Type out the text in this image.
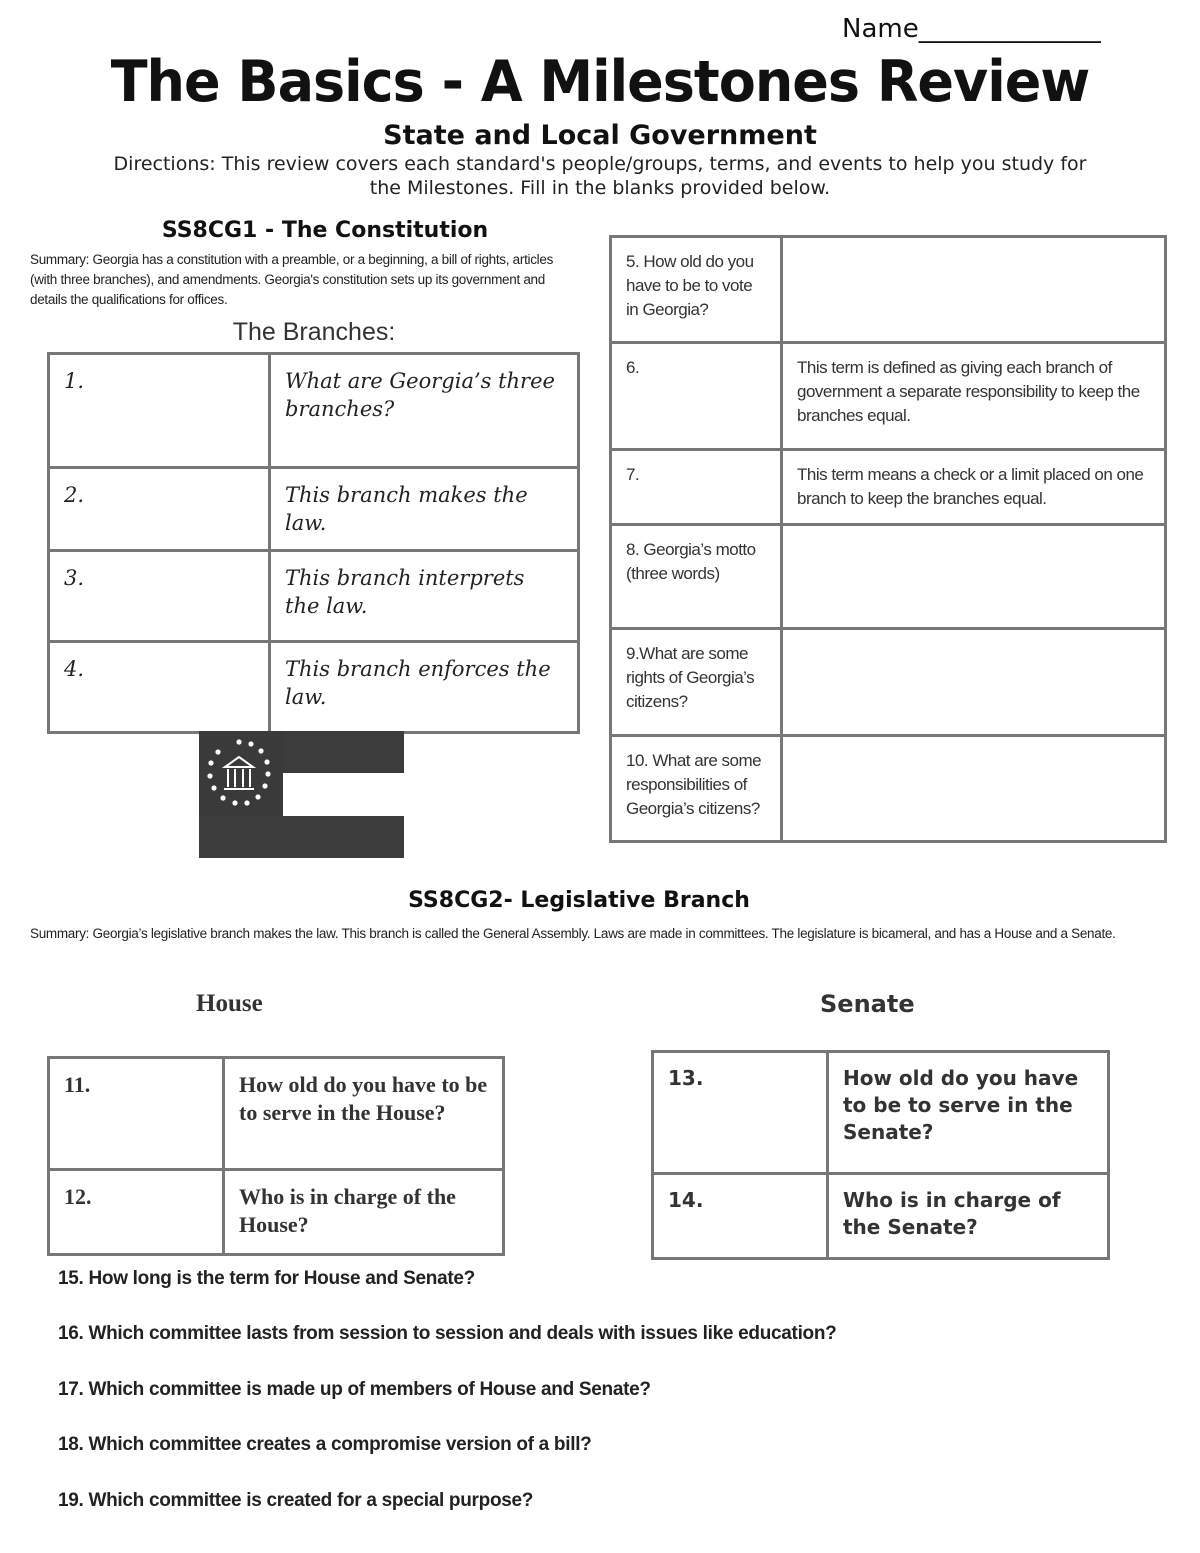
Name______________
The Basics - A Milestones Review
State and Local Government
Directions: This review covers each standard's people/groups, terms, and events to help you study for the Milestones. Fill in the blanks provided below.
SS8CG1 - The Constitution
Summary: Georgia has a constitution with a preamble, or a beginning, a bill of rights, articles (with three branches), and amendments. Georgia's constitution sets up its government and details the qualifications for offices.
The Branches:
1.	What are Georgia’s three branches?
2.	This branch makes the law.
3.	This branch interprets the law.
4.	This branch enforces the law.
5. How old do you have to be to vote in Georgia?	
6.	This term is defined as giving each branch of government a separate responsibility to keep the branches equal.
7.	This term means a check or a limit placed on one branch to keep the branches equal.
8. Georgia’s motto (three words)	
9.What are some rights of Georgia’s citizens?	
10. What are some responsibilities of Georgia’s citizens?	
SS8CG2- Legislative Branch
Summary: Georgia’s legislative branch makes the law. This branch is called the General Assembly. Laws are made in committees. The legislature is bicameral, and has a House and a Senate.
House	Senate
11.	How old do you have to be to serve in the House?
12.	Who is in charge of the House?
13.	How old do you have to be to serve in the Senate?
14.	Who is in charge of the Senate?
15. How long is the term for House and Senate?
16. Which committee lasts from session to session and deals with issues like education?
17. Which committee is made up of members of House and Senate?
18. Which committee creates a compromise version of a bill?
19. Which committee is created for a special purpose?
